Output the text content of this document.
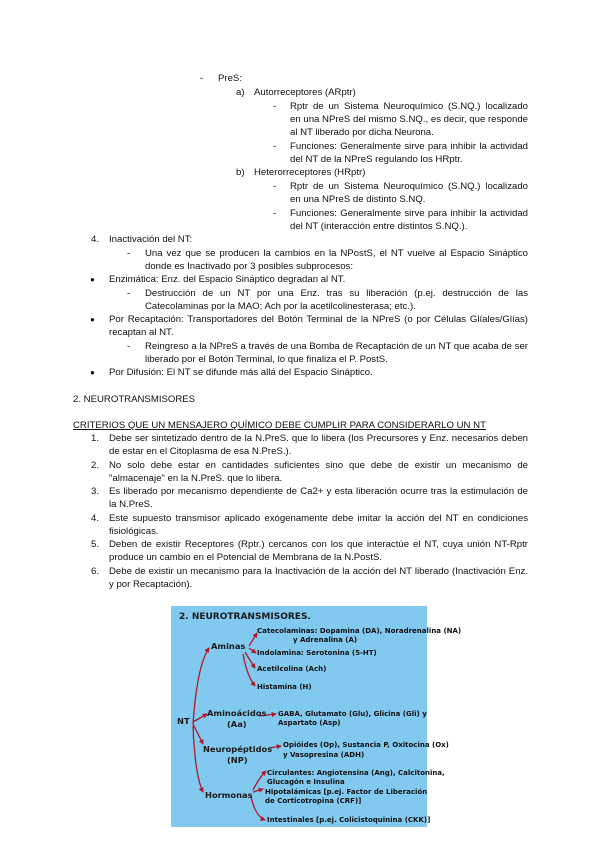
- PreS:
a) Autorreceptores (ARptr)
- Rptr de un Sistema Neuroquímico (S.NQ.) localizado en una NPreS del mismo S.NQ., es decir, que responde al NT liberado por dicha Neurona.
- Funciones: Generalmente sirve para inhibir la actividad del NT de la NPreS regulando los HRptr.
b) Heterorreceptores (HRptr)
- Rptr de un Sistema Neuroquímico (S.NQ.) localizado en una NPreS de distinto S.NQ.
- Funciones: Generalmente sirve para inhibir la actividad del NT (interacción entre distintos S.NQ.).
4. Inactivación del NT:
- Una vez que se producen la cambios en la NPostS, el NT vuelve al Espacio Sináptico donde es Inactivado por 3 posibles subprocesos:
● Enzimática: Enz. del Espacio Sináptico degradan al NT.
- Destrucción de un NT por una Enz. tras su liberación (p.ej. destrucción de las Catecolaminas por la MAO; Ach por la acetilcolinesterasa; etc.).
● Por Recaptación: Transportadores del Botón Terminal de la NPreS (o por Células Glíales/Glías) recaptan al NT.
- Reingreso a la NPreS a través de una Bomba de Recaptación de un NT que acaba de ser liberado por el Botón Terminal, lo que finaliza el P. PostS.
● Por Difusión: El NT se difunde más allá del Espacio Sináptico.
2. NEUROTRANSMISORES
CRITERIOS QUE UN MENSAJERO QUÍMICO DEBE CUMPLIR PARA CONSIDERARLO UN NT
1. Debe ser sintetizado dentro de la N.PreS. que lo libera (los Precursores y Enz. necesarios deben de estar en el Citoplasma de esa N.PreS.).
2. No solo debe estar en cantidades suficientes sino que debe de existir un mecanismo de "almacenaje" en la N.PreS. que lo libera.
3. Es liberado por mecanismo dependiente de Ca2+ y esta liberación ocurre tras la estimulación de la N.PreS.
4. Este supuesto transmisor aplicado exógenamente debe imitar la acción del NT en condiciones fisiológicas.
5. Deben de existir Receptores (Rptr.) cercanos con los que interactúe el NT, cuya unión NT-Rptr produce un cambio en el Potencial de Membrana de la N.PostS.
6. Debe de existir un mecanismo para la Inactivación de la acción del NT liberado (Inactivación Enz. y por Recaptación).
2. NEUROTRANSMISORES.
NT
Aminas
Catecolaminas: Dopamina (DA), Noradrenalina (NA)
y Adrenalina (A)
Indolamina: Serotonina (5-HT)
Acetilcolina (Ach)
Histamina (H)
Aminoácidos
(Aa)
GABA, Glutamato (Glu), Glicina (Gli) y
Aspartato (Asp)
Neuropéptidos
(NP)
Opióides (Op), Sustancia P, Oxitocina (Ox)
y Vasopresina (ADH)
Hormonas
Circulantes: Angiotensina (Ang), Calcitonina,
Glucagón e Insulina
Hipotalámicas [p.ej. Factor de Liberación
de Corticotropina (CRF)]
Intestinales [p.ej. Colicistoquinina (CKK)]
